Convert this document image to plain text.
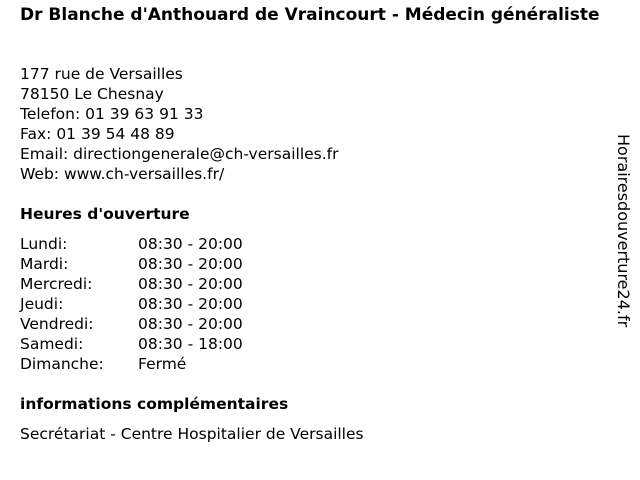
Dr Blanche d'Anthouard de Vraincourt - Médecin généraliste
177 rue de Versailles
78150 Le Chesnay
Telefon: 01 39 63 91 33
Fax: 01 39 54 48 89
Email: directiongenerale@ch-versailles.fr
Web: www.ch-versailles.fr/
Heures d'ouverture
Lundi:	08:30 - 20:00
Mardi:	08:30 - 20:00
Mercredi:	08:30 - 20:00
Jeudi:	08:30 - 20:00
Vendredi:	08:30 - 20:00
Samedi:	08:30 - 18:00
Dimanche:	Fermé
informations complémentaires
Secrétariat - Centre Hospitalier de Versailles
Horairesdouverture24.fr
